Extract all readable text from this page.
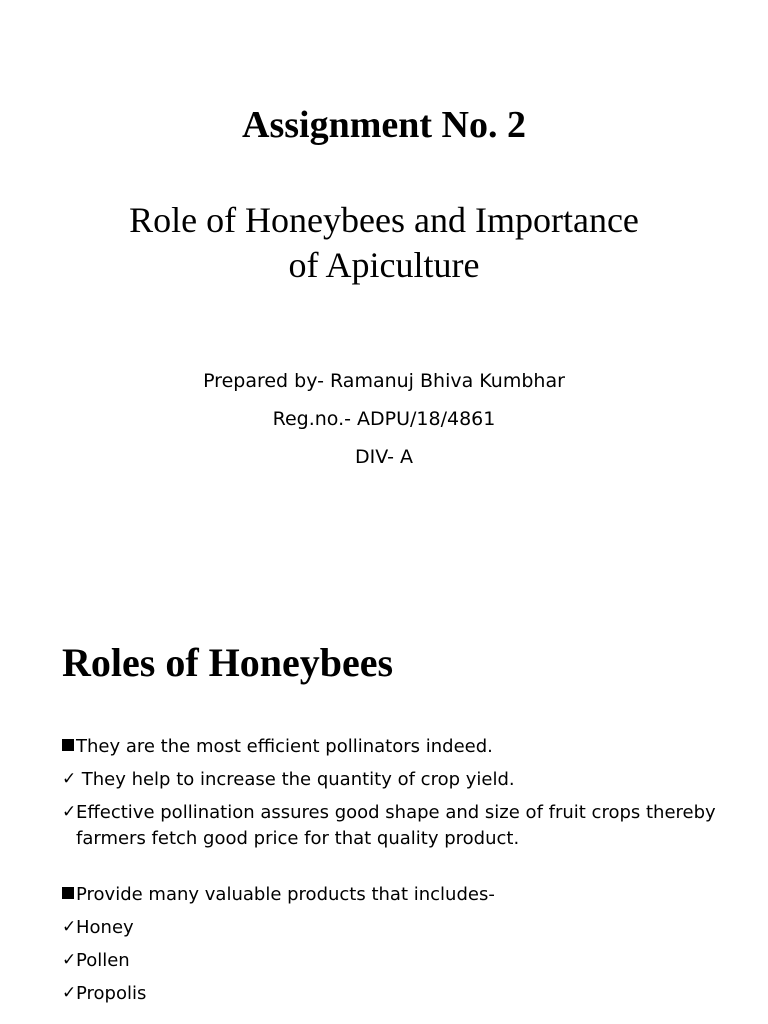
Assignment No. 2
Role of Honeybees and Importance
of Apiculture
Prepared by- Ramanuj Bhiva Kumbhar
Reg.no.- ADPU/18/4861
DIV- A
Roles of Honeybees
They are the most efficient pollinators indeed.
✓ They help to increase the quantity of crop yield.
✓ Effective pollination assures good shape and size of fruit crops thereby farmers fetch good price for that quality product.
Provide many valuable products that includes-
✓ Honey
✓ Pollen
✓ Propolis
